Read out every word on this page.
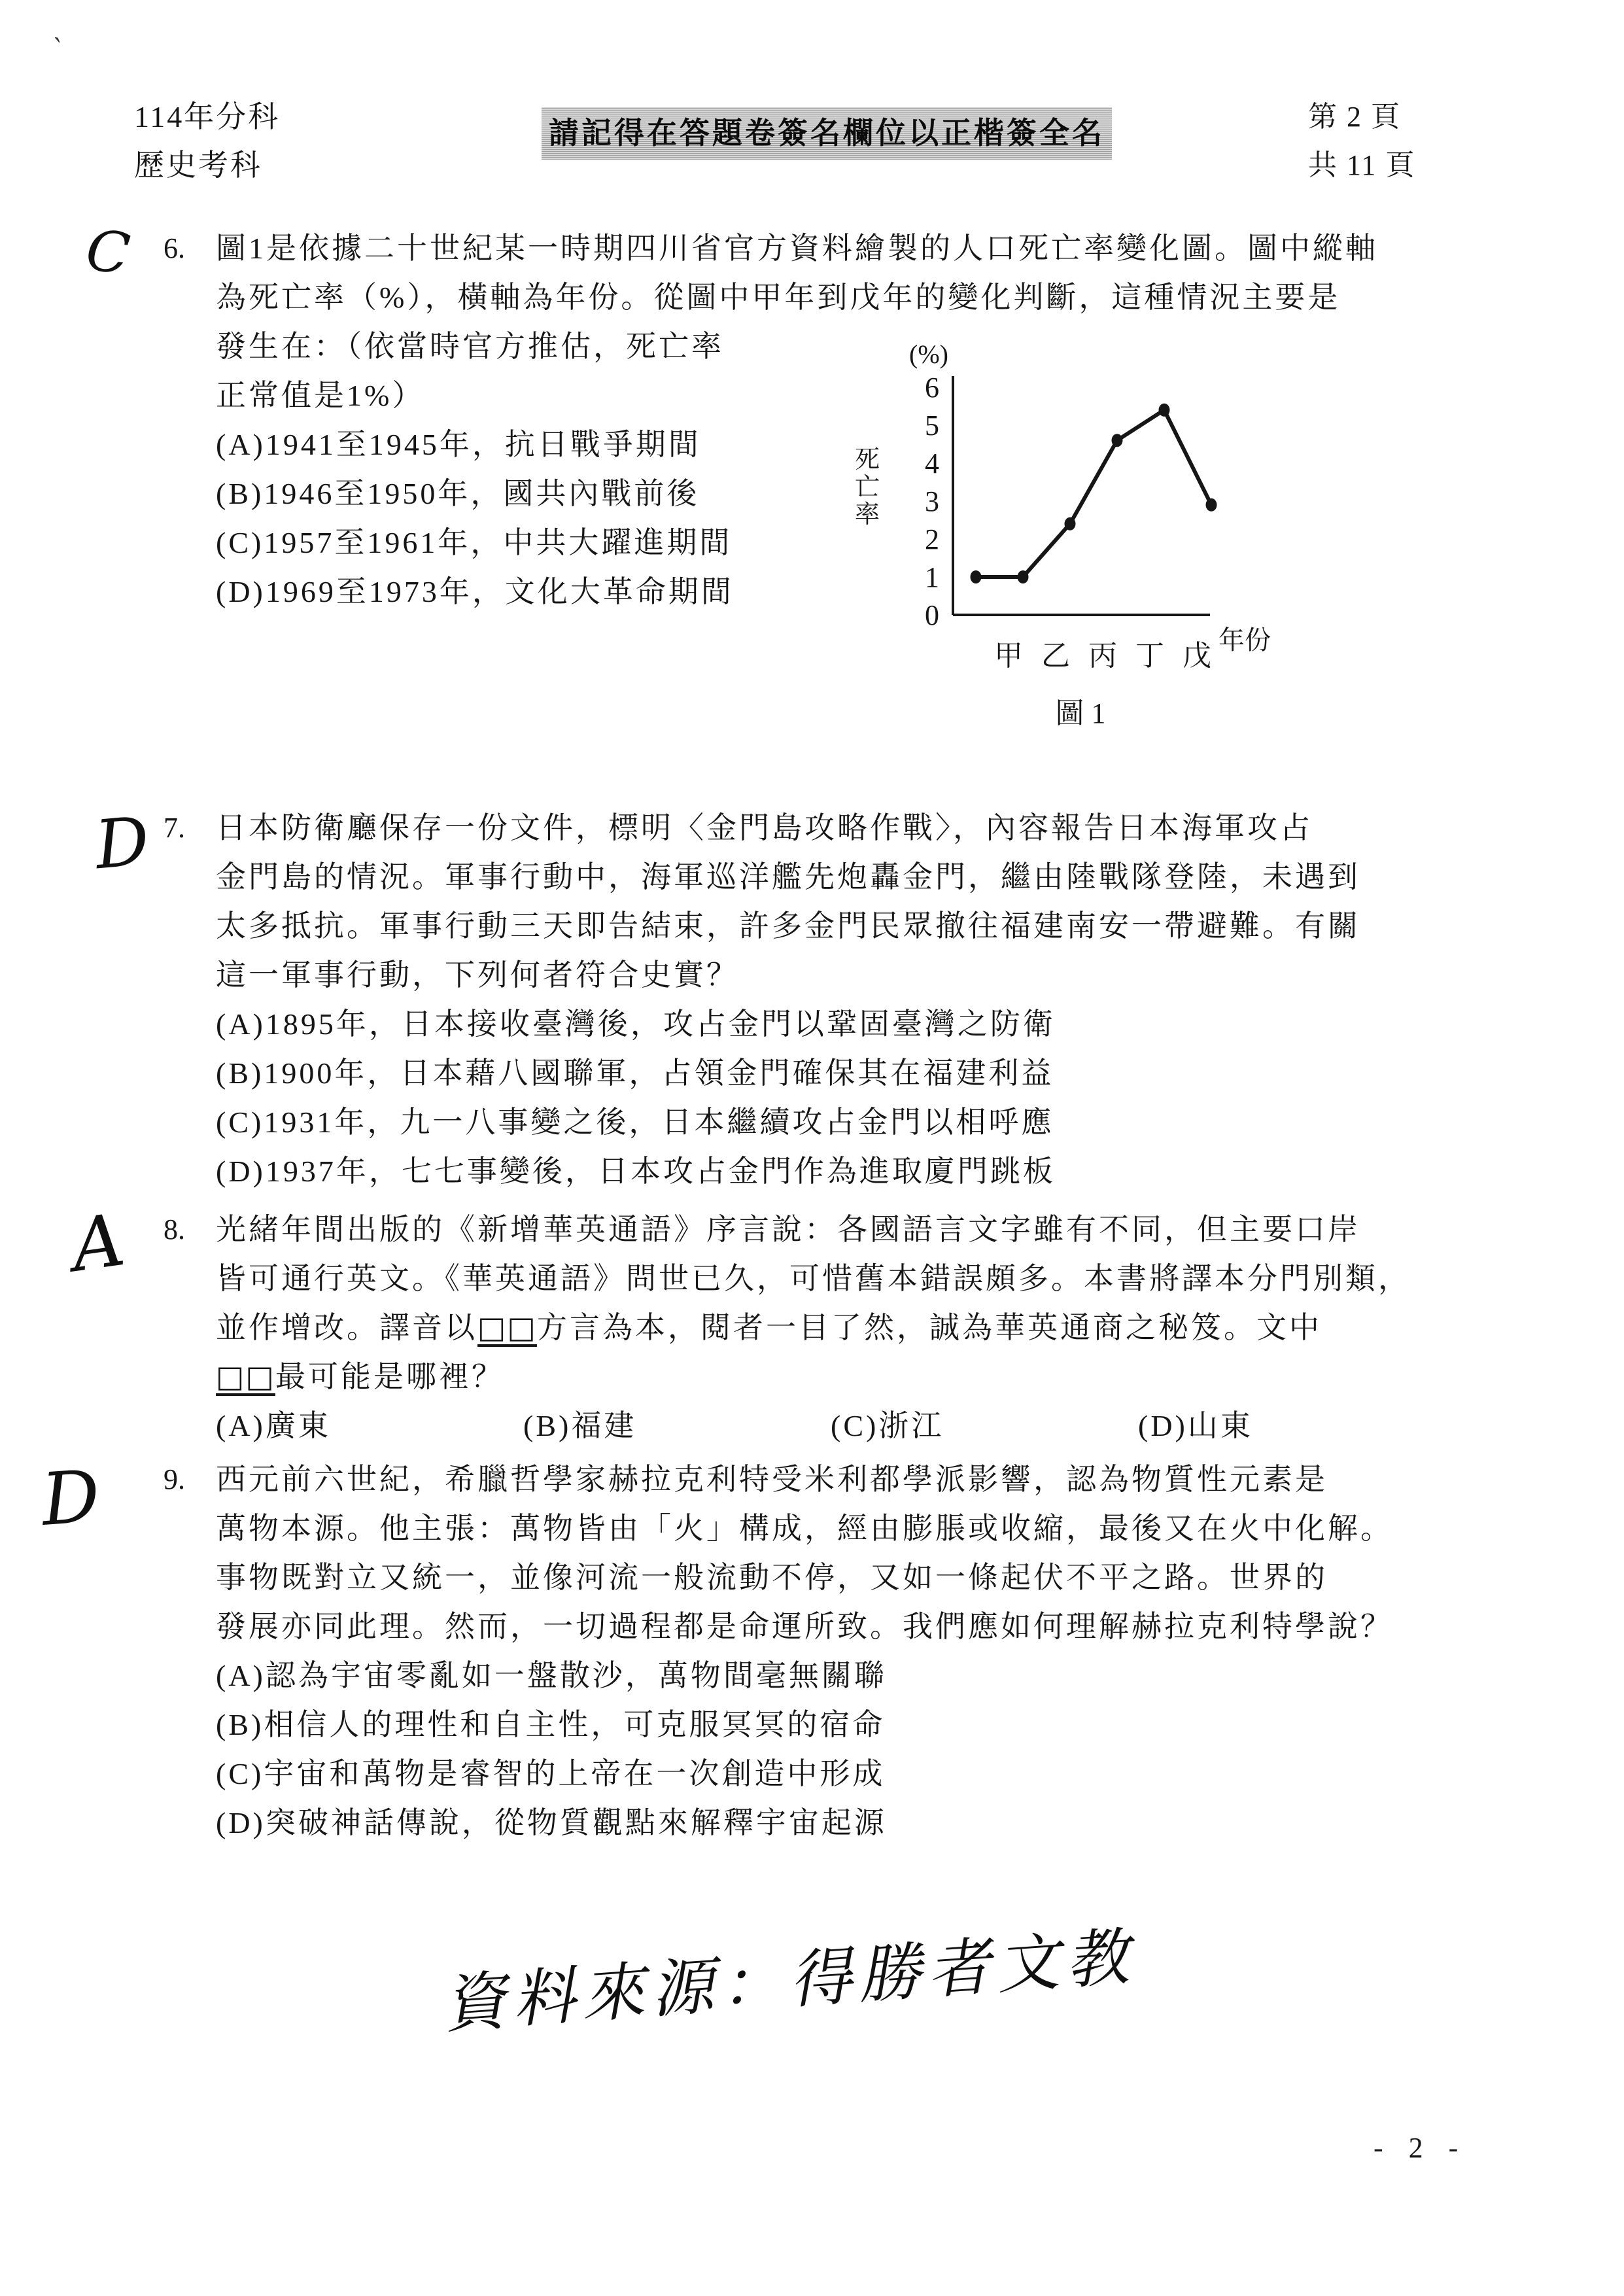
ˋ
114年分科
歷史考科
請記得在答題卷簽名欄位以正楷簽全名	第 2 頁
共 11 頁
C
D
A
D
6. 圖1是依據二十世紀某一時期四川省官方資料繪製的人口死亡率變化圖。圖中縱軸
為死亡率（%），橫軸為年份。從圖中甲年到戊年的變化判斷，這種情況主要是
發生在：（依當時官方推估，死亡率
正常值是1%）
(A)1941至1945年，抗日戰爭期間
(B)1946至1950年，國共內戰前後
(C)1957至1961年，中共大躍進期間
(D)1969至1973年，文化大革命期間
0
1
2
3
4
5
6
(%)
死
亡
率
甲 乙 丙 丁 戊 年份
圖 1
7. 日本防衛廳保存一份文件，標明〈金門島攻略作戰〉，內容報告日本海軍攻占
金門島的情況。軍事行動中，海軍巡洋艦先炮轟金門，繼由陸戰隊登陸，未遇到
太多抵抗。軍事行動三天即告結束，許多金門民眾撤往福建南安一帶避難。有關
這一軍事行動，下列何者符合史實？
(A)1895年，日本接收臺灣後，攻占金門以鞏固臺灣之防衛
(B)1900年，日本藉八國聯軍，占領金門確保其在福建利益
(C)1931年，九一八事變之後，日本繼續攻占金門以相呼應
(D)1937年，七七事變後，日本攻占金門作為進取廈門跳板
8. 光緒年間出版的《新增華英通語》序言說：各國語言文字雖有不同，但主要口岸
皆可通行英文。《華英通語》問世已久，可惜舊本錯誤頗多。本書將譯本分門別類，
並作增改。譯音以□□方言為本，閱者一目了然，誠為華英通商之秘笈。文中
□□最可能是哪裡？
(A)廣東	(B)福建	(C)浙江	(D)山東
9. 西元前六世紀，希臘哲學家赫拉克利特受米利都學派影響，認為物質性元素是
萬物本源。他主張：萬物皆由「火」構成，經由膨脹或收縮，最後又在火中化解。
事物既對立又統一，並像河流一般流動不停，又如一條起伏不平之路。世界的
發展亦同此理。然而，一切過程都是命運所致。我們應如何理解赫拉克利特學說？
(A)認為宇宙零亂如一盤散沙，萬物間毫無關聯
(B)相信人的理性和自主性，可克服冥冥的宿命
(C)宇宙和萬物是睿智的上帝在一次創造中形成
(D)突破神話傳說，從物質觀點來解釋宇宙起源
資料來源：得勝者文教
- 2 -
